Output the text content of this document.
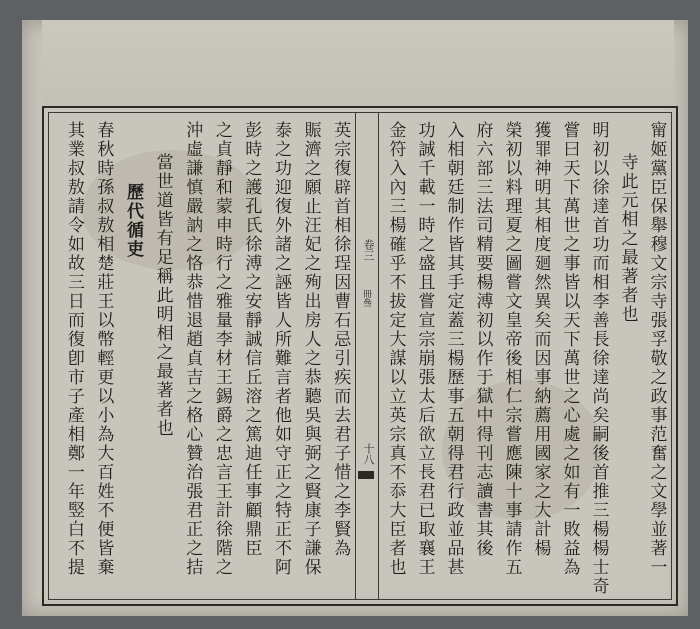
甯姬黨臣保舉穆文宗寺張孚敬之政事范奮之文學並著一
寺此元相之最著者也
明初以徐達首功而相李善長徐達尚矣嗣後首推三楊楊士奇
嘗曰天下萬世之事皆以天下萬世之心處之如有一敗益為
獲罪神明其相度廻然異矣而因事納薦用國家之大計楊
榮初以料理夏之圖嘗文皇帝後相仁宗嘗應陳十事請作五
府六部三法司精要楊溥初以作于獄中得刊志讀書其後
入相朝廷制作皆其手定蓋三楊歷事五朝得君行政並品甚
功誠千載一時之盛且嘗宣宗崩張太后欲立長君已取襄王
金符入內三楊確乎不拔定大謀以立英宗真不忝大臣者也
卷三
冊叄
十八
英宗復辟首相徐珵因曹石忌引疾而去君子惜之李賢為
賑濟之願止汪妃之殉出房人之恭聽吳與弼之賢康子謙保
泰之功迎復外諸之誣皆人所難言者他如守正之特正不阿
彭時之護孔氏徐溥之安靜誠信丘溶之篤迪任事顧鼎臣
之貞靜和蒙申時行之雅量李材王錫爵之忠言王計徐階之
沖虛謙慎嚴訥之恪恭惜退趙貞吉之格心贊治張君正之拮
當世道皆有足稱此明相之最著者也
歷代循吏
春秋時孫叔敖相楚莊王以幣輕更以小為大百姓不便皆棄
其業叔敖請令如故三日而復卽市子產相鄭一年竪白不提
